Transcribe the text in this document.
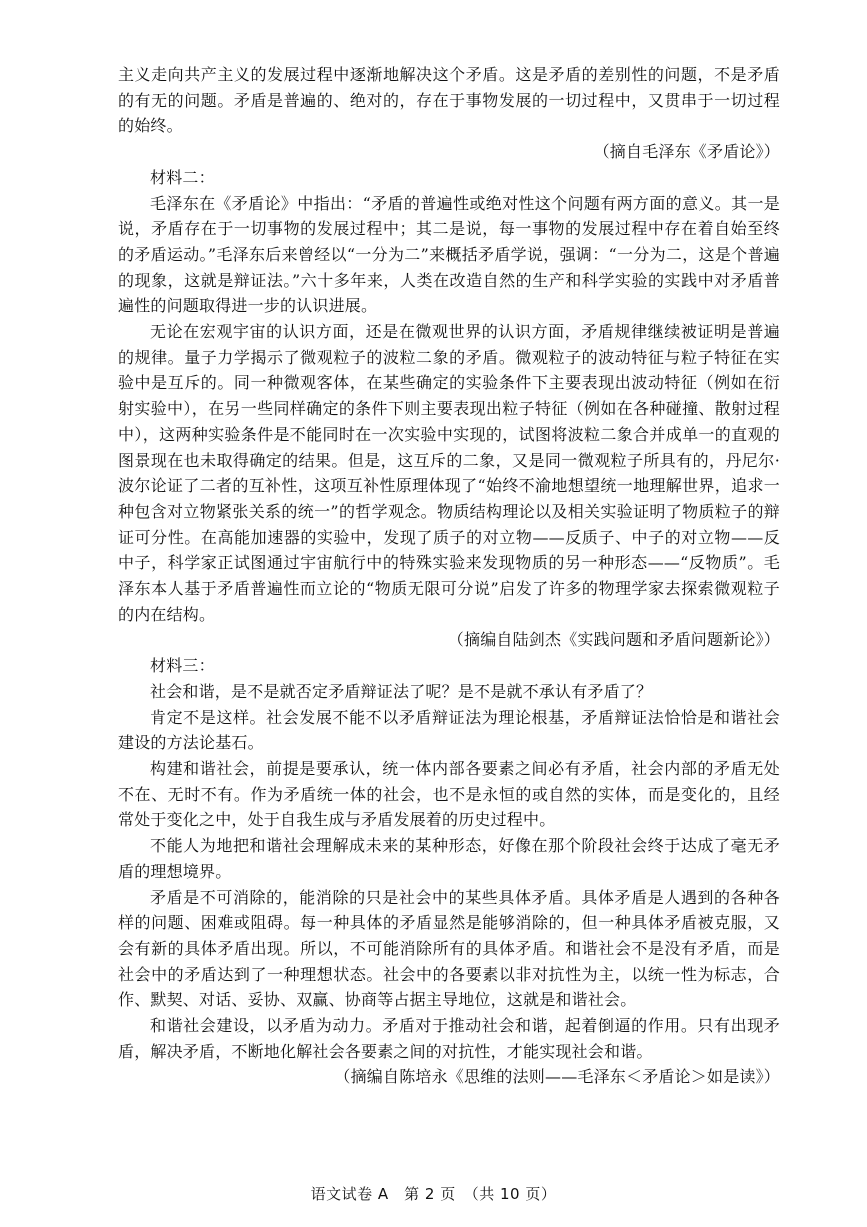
主义走向共产主义的发展过程中逐渐地解决这个矛盾。这是矛盾的差别性的问题，不是矛盾的有无的问题。矛盾是普遍的、绝对的，存在于事物发展的一切过程中，又贯串于一切过程的始终。

（摘自毛泽东《矛盾论》）

材料二：

毛泽东在《矛盾论》中指出：“矛盾的普遍性或绝对性这个问题有两方面的意义。其一是说，矛盾存在于一切事物的发展过程中；其二是说，每一事物的发展过程中存在着自始至终的矛盾运动。”毛泽东后来曾经以“一分为二”来概括矛盾学说，强调：“一分为二，这是个普遍的现象，这就是辩证法。”六十多年来，人类在改造自然的生产和科学实验的实践中对矛盾普遍性的问题取得进一步的认识进展。

无论在宏观宇宙的认识方面，还是在微观世界的认识方面，矛盾规律继续被证明是普遍的规律。量子力学揭示了微观粒子的波粒二象的矛盾。微观粒子的波动特征与粒子特征在实验中是互斥的。同一种微观客体，在某些确定的实验条件下主要表现出波动特征（例如在衍射实验中），在另一些同样确定的条件下则主要表现出粒子特征（例如在各种碰撞、散射过程中），这两种实验条件是不能同时在一次实验中实现的，试图将波粒二象合并成单一的直观的图景现在也未取得确定的结果。但是，这互斥的二象，又是同一微观粒子所具有的，丹尼尔·波尔论证了二者的互补性，这项互补性原理体现了“始终不渝地想望统一地理解世界，追求一种包含对立物紧张关系的统一”的哲学观念。物质结构理论以及相关实验证明了物质粒子的辩证可分性。在高能加速器的实验中，发现了质子的对立物——反质子、中子的对立物——反中子，科学家正试图通过宇宙航行中的特殊实验来发现物质的另一种形态——“反物质”。毛泽东本人基于矛盾普遍性而立论的“物质无限可分说”启发了许多的物理学家去探索微观粒子的内在结构。

（摘编自陆剑杰《实践问题和矛盾问题新论》）

材料三：

社会和谐，是不是就否定矛盾辩证法了呢？是不是就不承认有矛盾了？

肯定不是这样。社会发展不能不以矛盾辩证法为理论根基，矛盾辩证法恰恰是和谐社会建设的方法论基石。

构建和谐社会，前提是要承认，统一体内部各要素之间必有矛盾，社会内部的矛盾无处不在、无时不有。作为矛盾统一体的社会，也不是永恒的或自然的实体，而是变化的，且经常处于变化之中，处于自我生成与矛盾发展着的历史过程中。

不能人为地把和谐社会理解成未来的某种形态，好像在那个阶段社会终于达成了毫无矛盾的理想境界。

矛盾是不可消除的，能消除的只是社会中的某些具体矛盾。具体矛盾是人遇到的各种各样的问题、困难或阻碍。每一种具体的矛盾显然是能够消除的，但一种具体矛盾被克服，又会有新的具体矛盾出现。所以，不可能消除所有的具体矛盾。和谐社会不是没有矛盾，而是社会中的矛盾达到了一种理想状态。社会中的各要素以非对抗性为主，以统一性为标志，合作、默契、对话、妥协、双赢、协商等占据主导地位，这就是和谐社会。

和谐社会建设，以矛盾为动力。矛盾对于推动社会和谐，起着倒逼的作用。只有出现矛盾，解决矛盾，不断地化解社会各要素之间的对抗性，才能实现社会和谐。

（摘编自陈培永《思维的法则——毛泽东＜矛盾论＞如是读》）

语文试卷 A　第 2 页　（共 10 页）
